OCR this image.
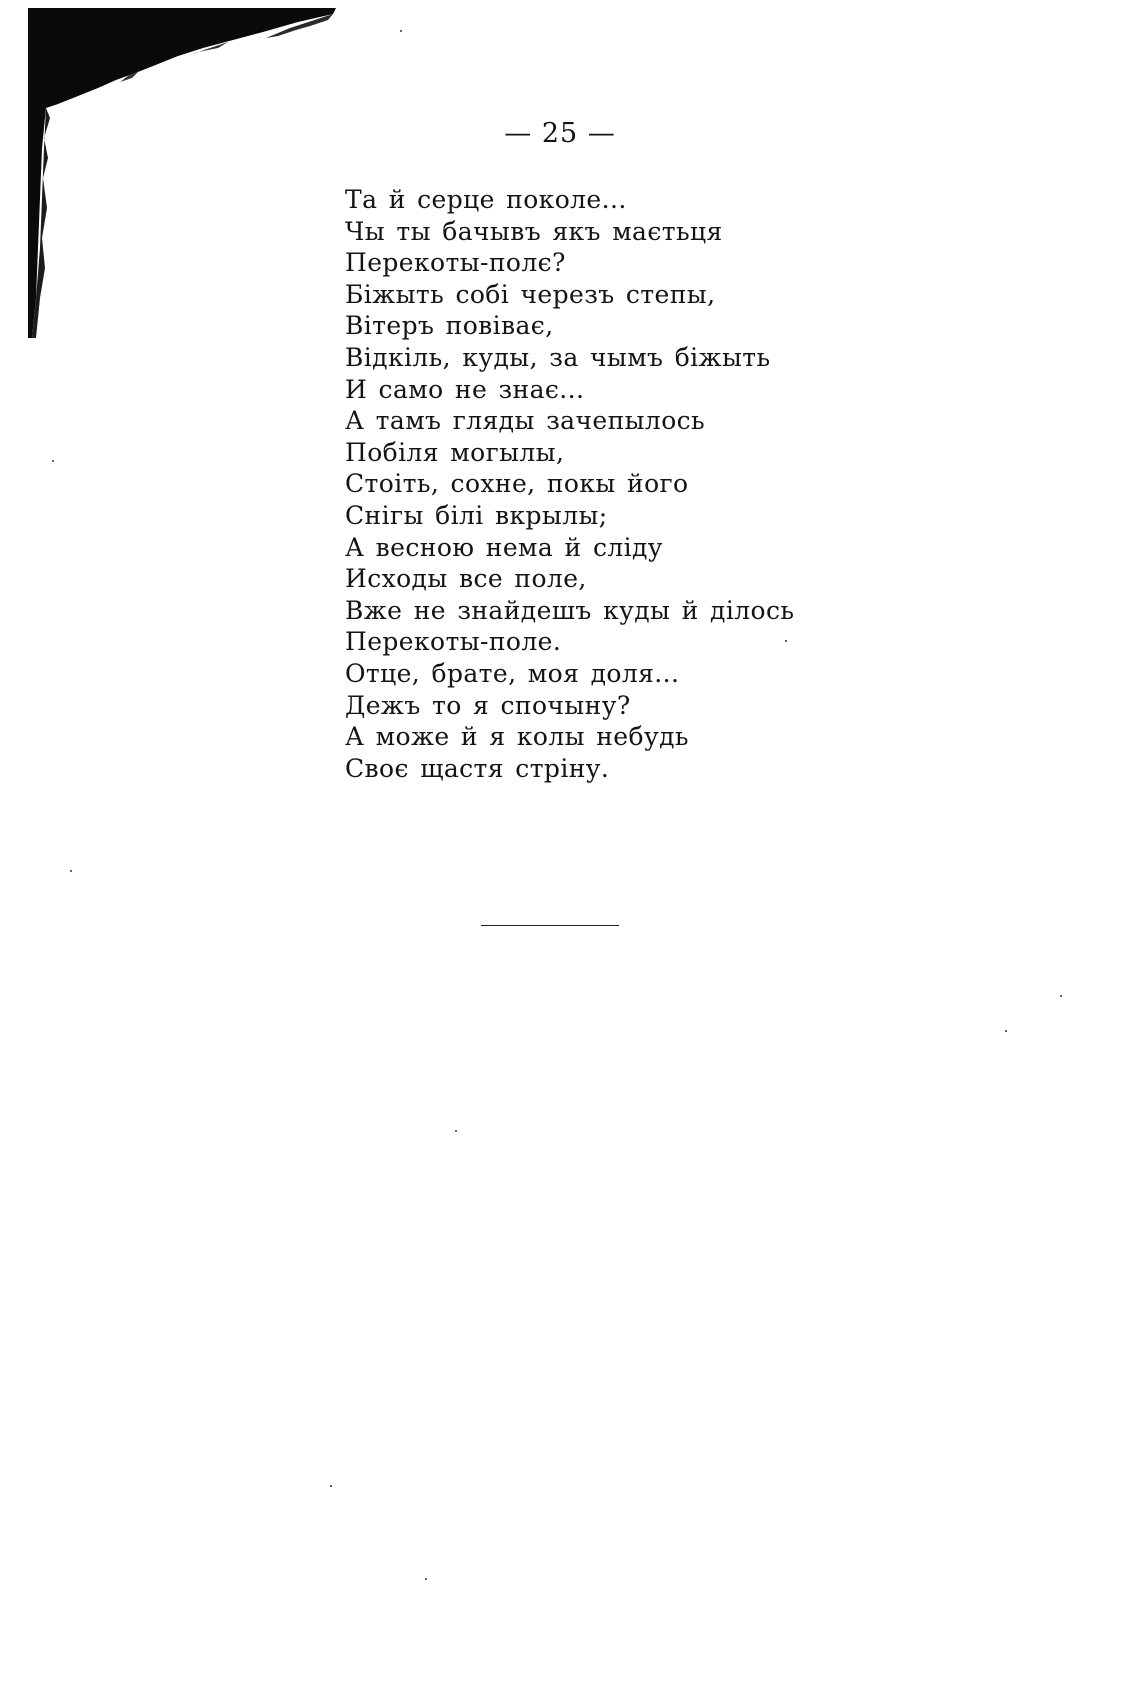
— 25 —
Та й серце поколе...
Чы ты бачывъ якъ маєтьця
Перекоты-полє?
Біжыть собі черезъ степы,
Вітеръ повіває,
Відкіль, куды, за чымъ біжыть
И само не знає...
А тамъ гляды зачепылось
Побіля могылы,
Стоіть, сохне, покы його
Снігы білі вкрылы;
А весною нема й сліду
Исходы все поле,
Вже не знайдешъ куды й ділось
Перекоты-поле.
Отце, брате, моя доля...
Дежъ то я спочыну?
А може й я колы небудь
Своє щастя стріну.
